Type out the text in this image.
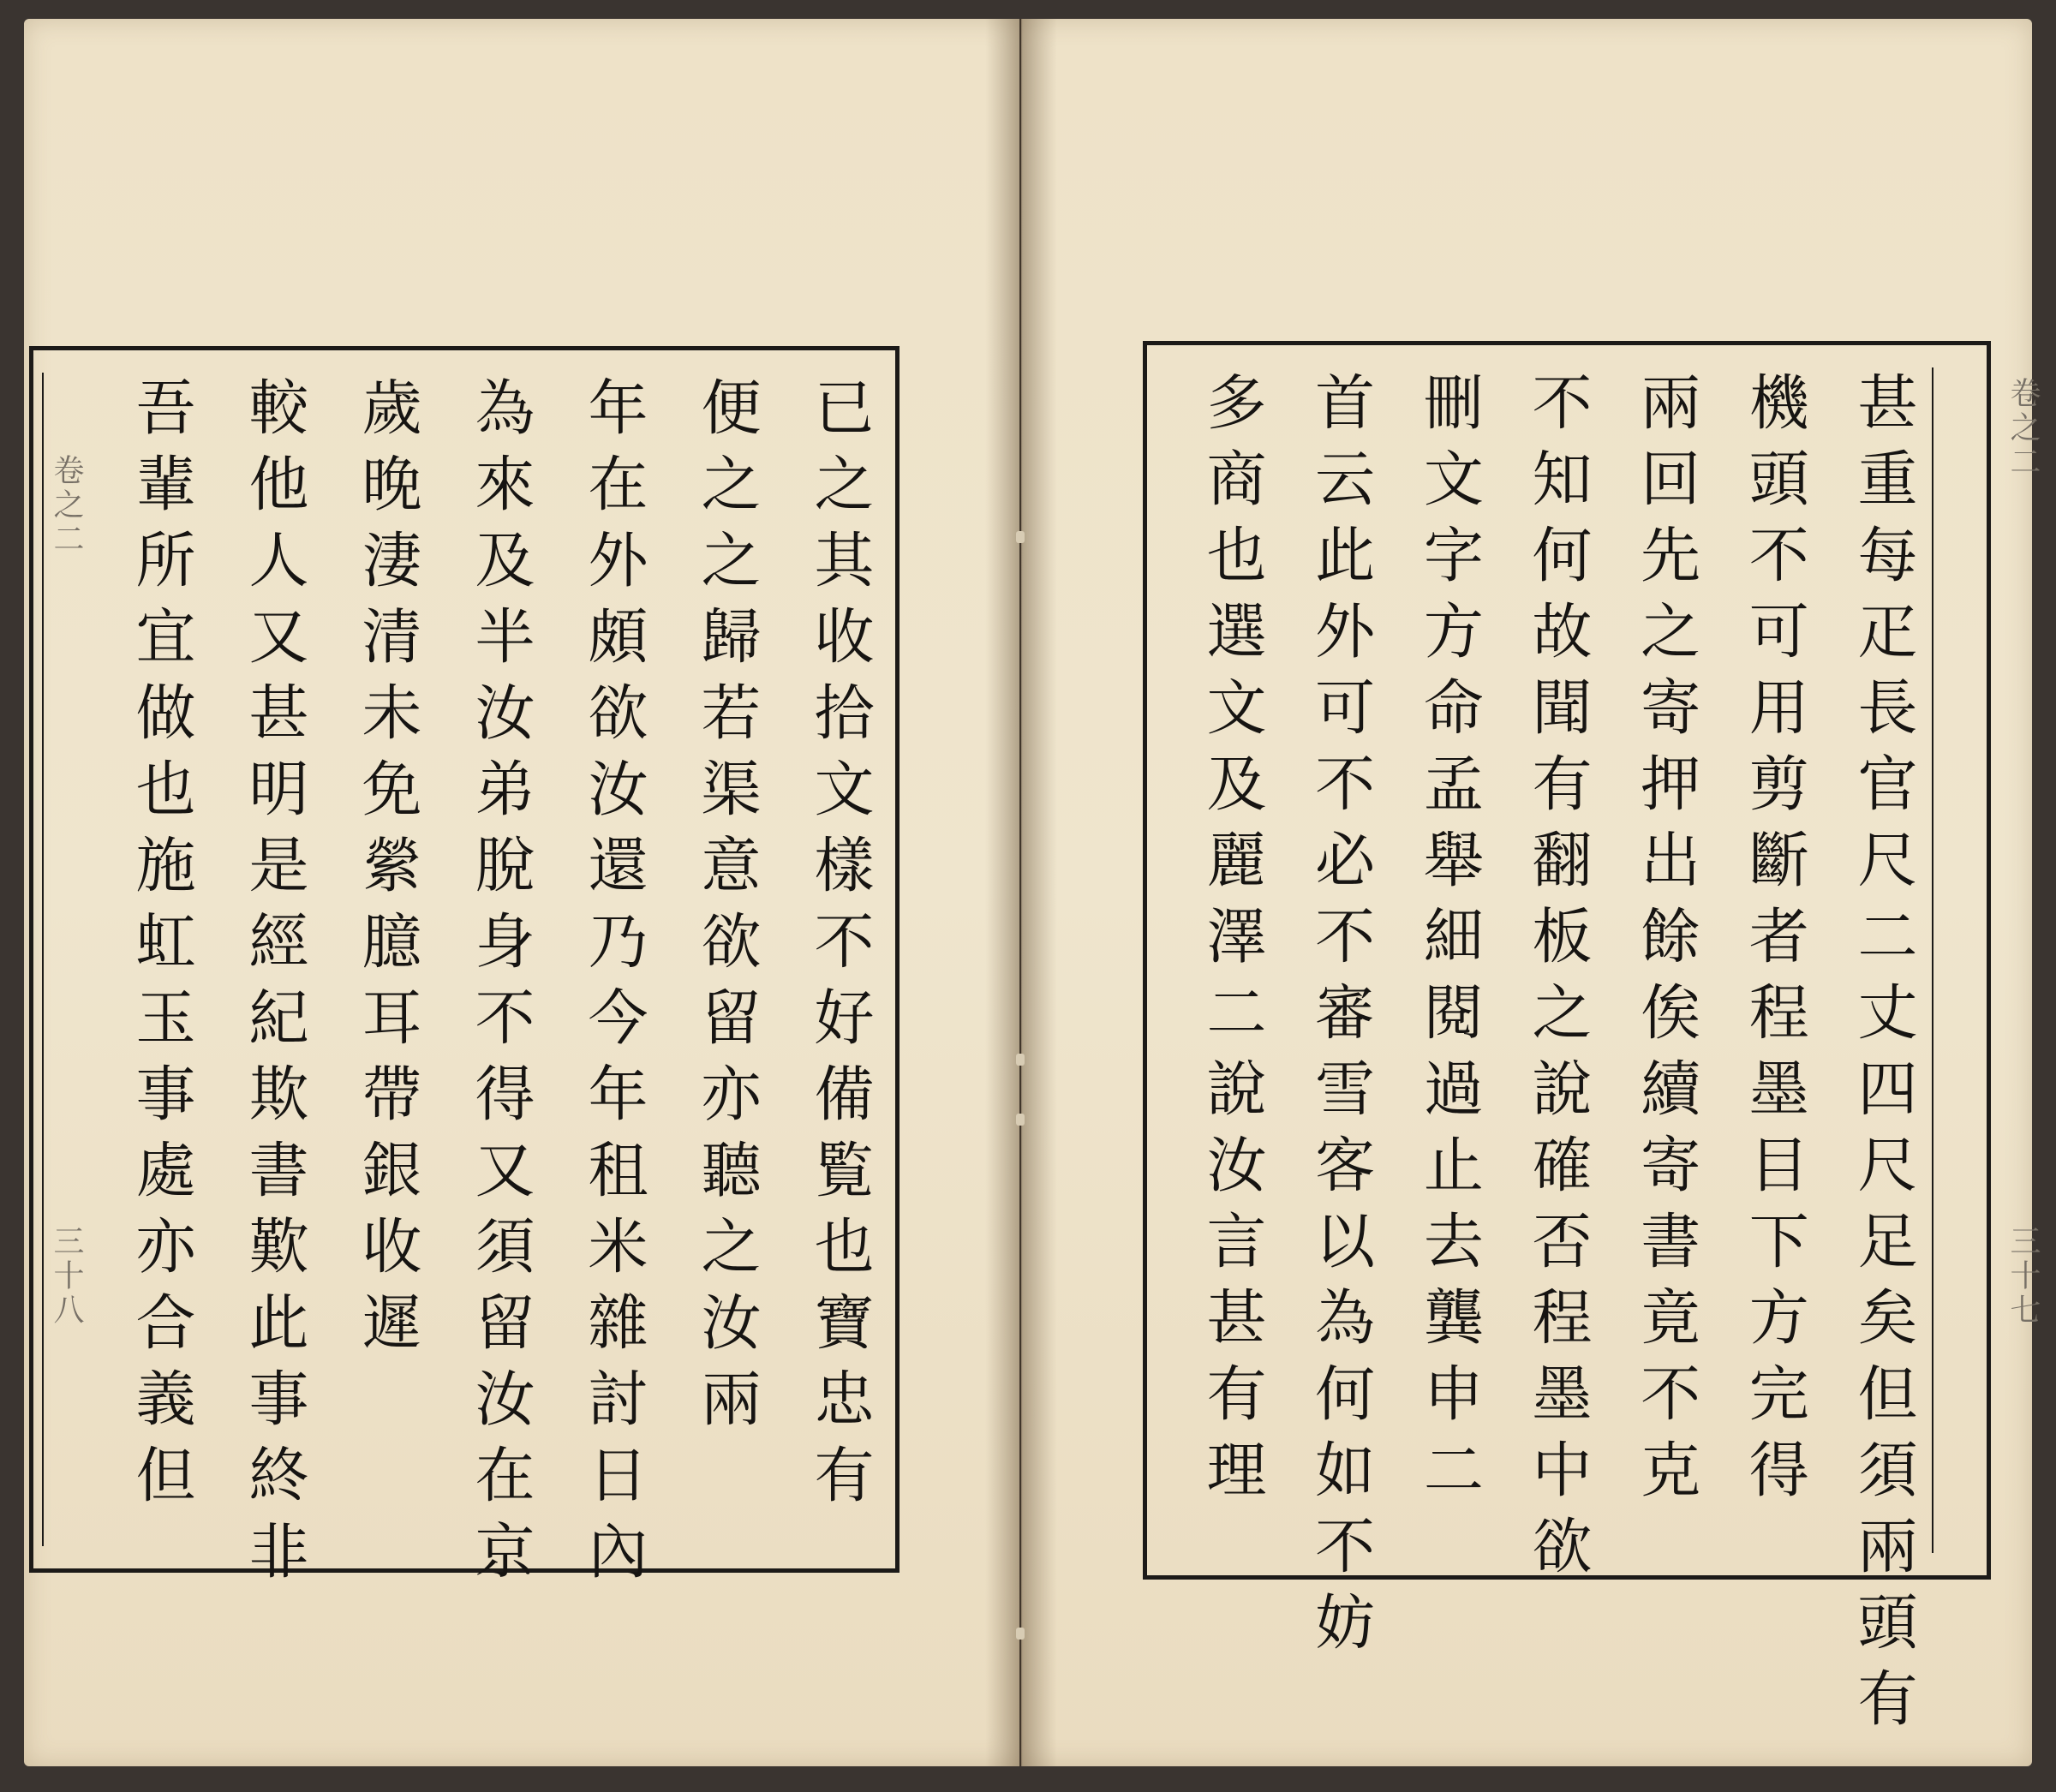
卷之二
三十八	已之其收拾文樣不好備覧也寶忠有
便之之歸若渠意欲留亦聽之汝兩
年在外頗欲汝還乃今年租米雜討日內
為來及半汝弟脫身不得又須留汝在京
歲晚淒清未免縈臆耳帶銀收遲
較他人又甚明是經紀欺書歎此事終非
吾輩所宜做也施虹玉事處亦合義但	卷之二
三十七
甚重每疋長官尺二丈四尺足矣但須兩頭有
機頭不可用剪斷者程墨目下方完得
兩回先之寄押出餘俟續寄書竟不克
不知何故聞有翻板之說確否程墨中欲
刪文字方命孟舉細閱過止去龔申二
首云此外可不必不審雪客以為何如不妨
多商也選文及麗澤二說汝言甚有理
